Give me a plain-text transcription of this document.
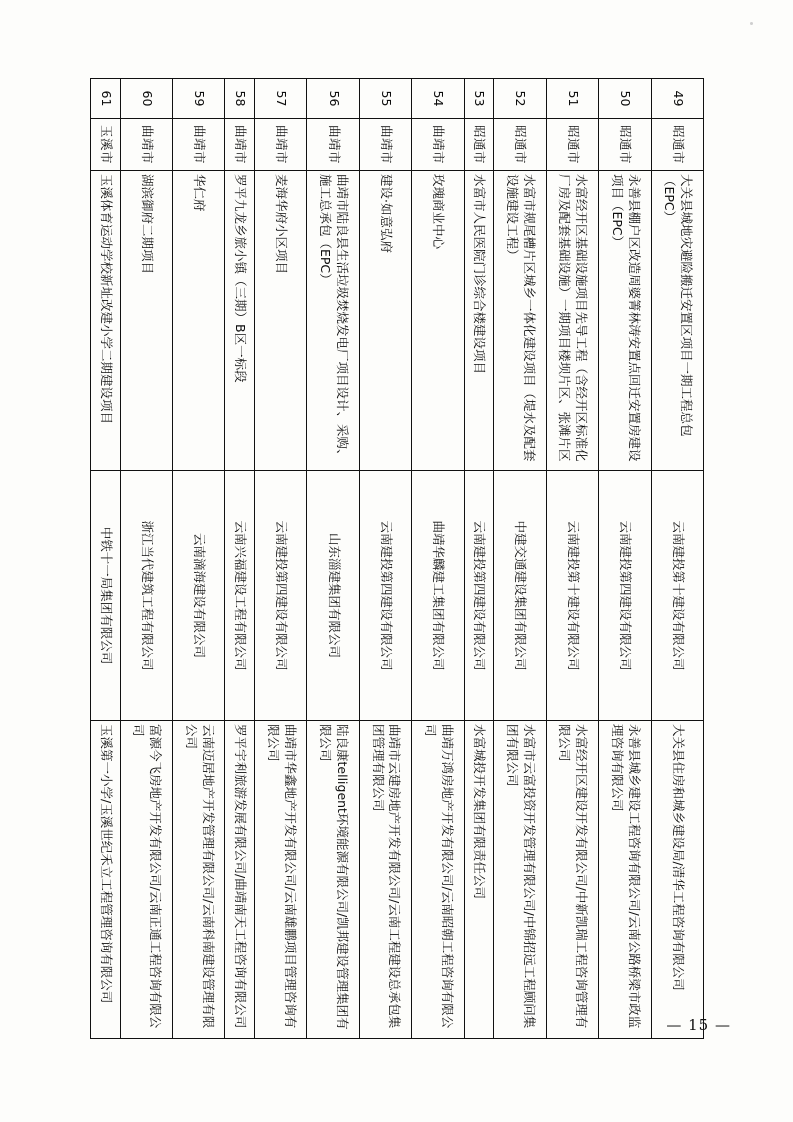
49	昭通市	大关县城地灾避险搬迁安置区项目一期工程总包（EPC）	云南建投第十建设有限公司	大关县住房和城乡建设局/清华工程咨询有限公司
50	昭通市	永善县棚户区改造周婆箐林涛安置点回迁安置房建设项目（EPC）	云南建投第四建设有限公司	永善县城乡建设工程咨询有限公司/云南公路桥梁市政监理咨询有限公司
51	昭通市	水富经开区基础设施项目先导工程（含经开区标准化厂房及配套基础设施）一期项目楼坝片区、张滩片区	云南建投第十建设有限公司	水富经开区建设开发有限公司/中新凯瑞工程咨询管理有限公司
52	昭通市	水富市规尾槽片区城乡一体化建设项目（堤水及配套设施建设工程）	中建交通建设集团有限公司	水富市云富投资开发管理有限公司/中锦招远工程顾问集团有限公司
53	昭通市	水富市人民医院门诊综合楼建设项目	云南建投第四建设有限公司	水富城投开发集团有限责任公司
54	曲靖市	玫瑰商业中心	曲靖华麟建工集团有限公司	曲靖万鸿房地产开发有限公司/云南昭朝工程咨询有限公司
55	曲靖市	建设·如意弘府	云南建投第四建设有限公司	曲靖市云建房地产开发有限公司/云南工程建设总承包集团管理有限公司
56	曲靖市	曲靖市陆良县生活垃圾焚烧发电厂项目设计、采购、施工总承包（EPC）	山东淄建集团有限公司	陆良康telligent环境能源有限公司/凯邦建设管理集团有限公司
57	曲靖市	麦海华府小区项目	云南建投第四建设有限公司	曲靖市华鑫地产开发有限公司/云南雄鹏项目管理咨询有限公司
58	曲靖市	罗平九龙乡旅小镇（三期）B区一标段	云南兴福建设工程有限公司	罗平宇利旅游发展有限公司/曲靖南天工程咨询有限公司
59	曲靖市	华仁府	云南滴海建设有限公司	云南迈居地产开发管理有限公司/云南科南建设管理有限公司
60	曲靖市	湖滨御府二期项目	浙江当代建筑工程有限公司	富源今飞房地产开发有限公司/云南正通工程咨询有限公司
61	玉溪市	玉溪体育运动学校新址改建小学二期建设项目	中铁十一局集团有限公司	玉溪第一小学/玉溪世纪禾立工程管理咨询有限公司
— 15 —
